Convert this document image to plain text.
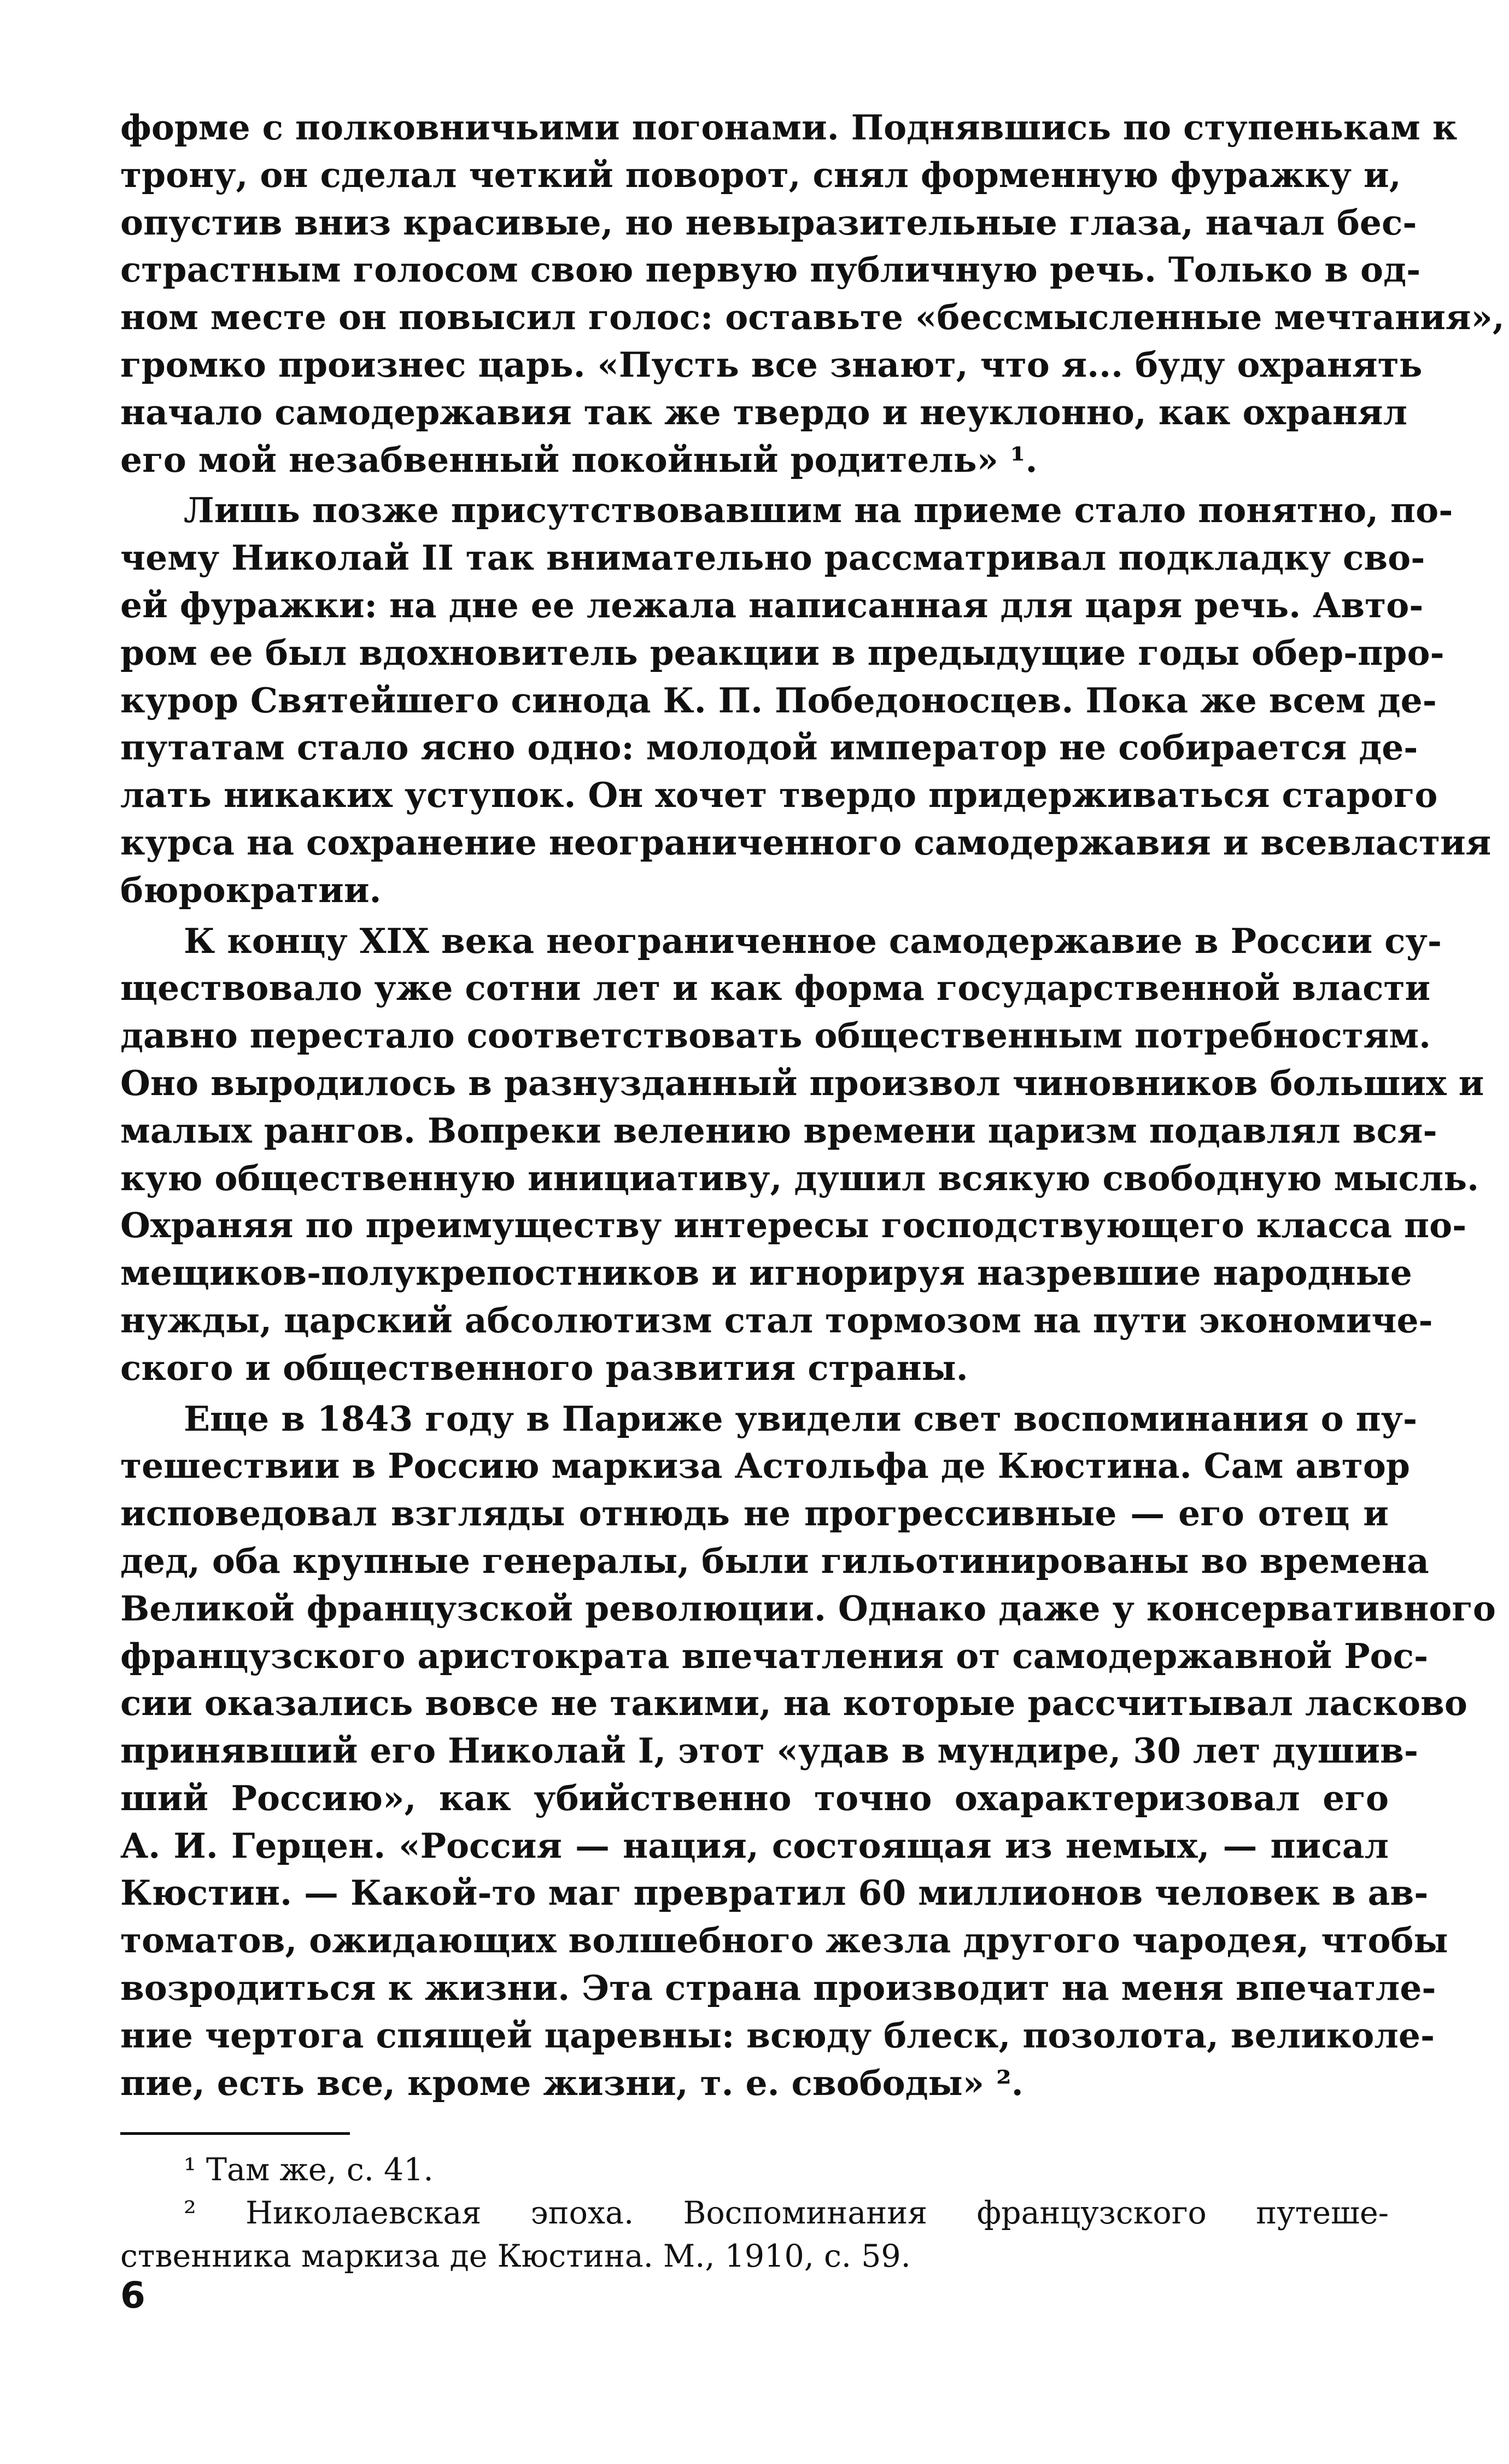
форме с полковничьими погонами. Поднявшись по ступенькам к
трону, он сделал четкий поворот, снял форменную фуражку и,
опустив вниз красивые, но невыразительные глаза, начал бес-
страстным голосом свою первую публичную речь. Только в од-
ном месте он повысил голос: оставьте «бессмысленные мечтания»,
громко произнес царь. «Пусть все знают, что я... буду охранять
начало самодержавия так же твердо и неуклонно, как охранял
его мой незабвенный покойный родитель» ¹.
Лишь позже присутствовавшим на приеме стало понятно, по-
чему Николай II так внимательно рассматривал подкладку сво-
ей фуражки: на дне ее лежала написанная для царя речь. Авто-
ром ее был вдохновитель реакции в предыдущие годы обер-про-
курор Святейшего синода К. П. Победоносцев. Пока же всем де-
путатам стало ясно одно: молодой император не собирается де-
лать никаких уступок. Он хочет твердо придерживаться старого
курса на сохранение неограниченного самодержавия и всевластия
бюрократии.
К концу XIX века неограниченное самодержавие в России су-
ществовало уже сотни лет и как форма государственной власти
давно перестало соответствовать общественным потребностям.
Оно выродилось в разнузданный произвол чиновников больших и
малых рангов. Вопреки велению времени царизм подавлял вся-
кую общественную инициативу, душил всякую свободную мысль.
Охраняя по преимуществу интересы господствующего класса по-
мещиков-полукрепостников и игнорируя назревшие народные
нужды, царский абсолютизм стал тормозом на пути экономиче-
ского и общественного развития страны.
Еще в 1843 году в Париже увидели свет воспоминания о пу-
тешествии в Россию маркиза Астольфа де Кюстина. Сам автор
исповедовал взгляды отнюдь не прогрессивные — его отец и
дед, оба крупные генералы, были гильотинированы во времена
Великой французской революции. Однако даже у консервативного
французского аристократа впечатления от самодержавной Рос-
сии оказались вовсе не такими, на которые рассчитывал ласково
принявший его Николай I, этот «удав в мундире, 30 лет душив-
ший Россию», как убийственно точно охарактеризовал его
А. И. Герцен. «Россия — нация, состоящая из немых, — писал
Кюстин. — Какой-то маг превратил 60 миллионов человек в ав-
томатов, ожидающих волшебного жезла другого чародея, чтобы
возродиться к жизни. Эта страна производит на меня впечатле-
ние чертога спящей царевны: всюду блеск, позолота, великоле-
пие, есть все, кроме жизни, т. е. свободы» ².
¹ Там же, с. 41.
² Николаевская эпоха. Воспоминания французского путеше-
ственника маркиза де Кюстина. М., 1910, с. 59.
6
